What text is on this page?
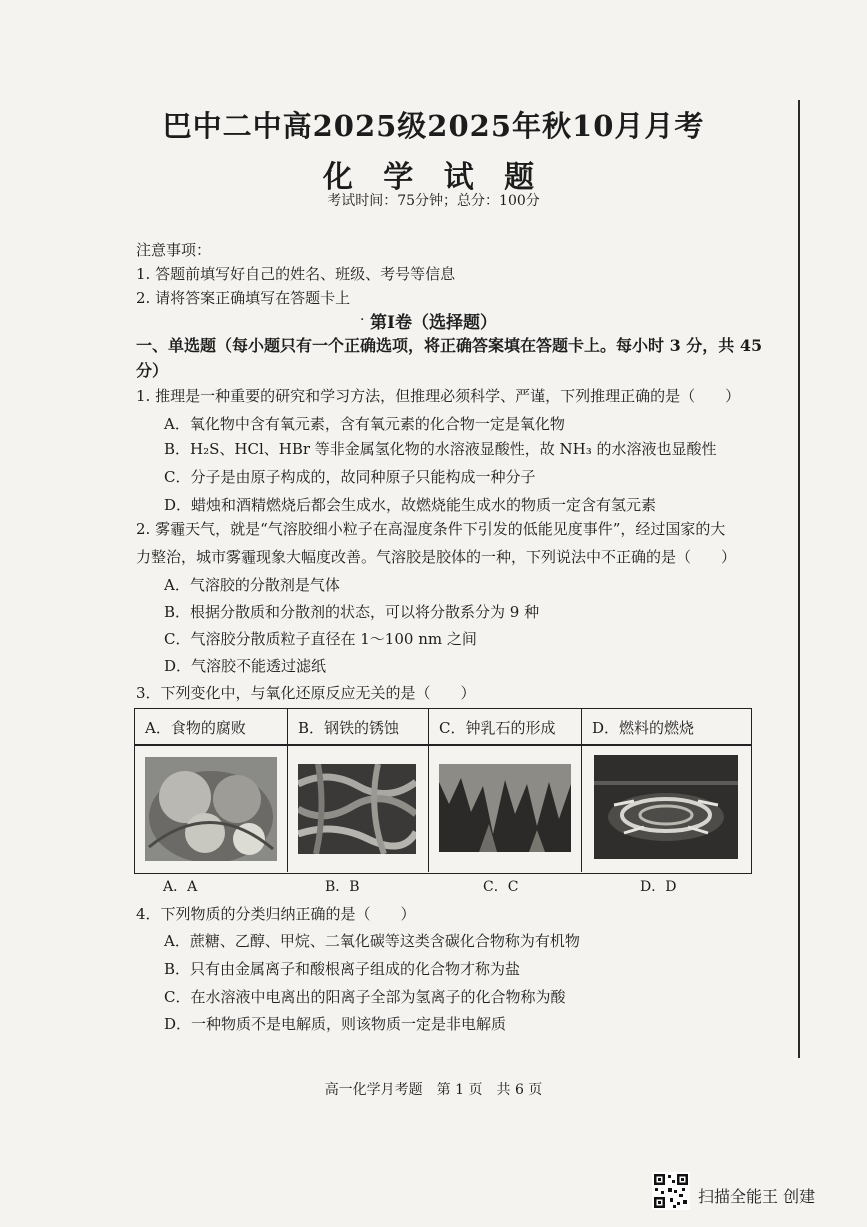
巴中二中高2025级2025年秋10月月考
化 学 试 题
考试时间：75分钟；总分：100分
注意事项：
1. 答题前填写好自己的姓名、班级、考号等信息
2. 请将答案正确填写在答题卡上
· 第Ⅰ卷（选择题）
一、单选题（每小题只有一个正确选项，将正确答案填在答题卡上。每小时 3 分，共 45
分）
1. 推理是一种重要的研究和学习方法，但推理必须科学、严谨，下列推理正确的是（　　）
A．氧化物中含有氧元素，含有氧元素的化合物一定是氧化物
B．H₂S、HCl、HBr 等非金属氢化物的水溶液显酸性，故 NH₃ 的水溶液也显酸性
C．分子是由原子构成的，故同种原子只能构成一种分子
D．蜡烛和酒精燃烧后都会生成水，故燃烧能生成水的物质一定含有氢元素
2. 雾霾天气，就是“气溶胶细小粒子在高湿度条件下引发的低能见度事件”，经过国家的大
力整治，城市雾霾现象大幅度改善。气溶胶是胶体的一种，下列说法中不正确的是（　　）
A．气溶胶的分散剂是气体
B．根据分散质和分散剂的状态，可以将分散系分为 9 种
C．气溶胶分散质粒子直径在 1～100 nm 之间
D．气溶胶不能透过滤纸
3．下列变化中，与氧化还原反应无关的是（　　）
A．食物的腐败	B．钢铁的锈蚀	C．钟乳石的形成 D．燃料的燃烧
A．A	B．B	C．C	D．D
4．下列物质的分类归纳正确的是（　　）
A．蔗糖、乙醇、甲烷、二氧化碳等这类含碳化合物称为有机物
B．只有由金属离子和酸根离子组成的化合物才称为盐
C．在水溶液中电离出的阳离子全部为氢离子的化合物称为酸
D．一种物质不是电解质，则该物质一定是非电解质
高一化学月考题　第 1 页　共 6 页
扫描全能王 创建
